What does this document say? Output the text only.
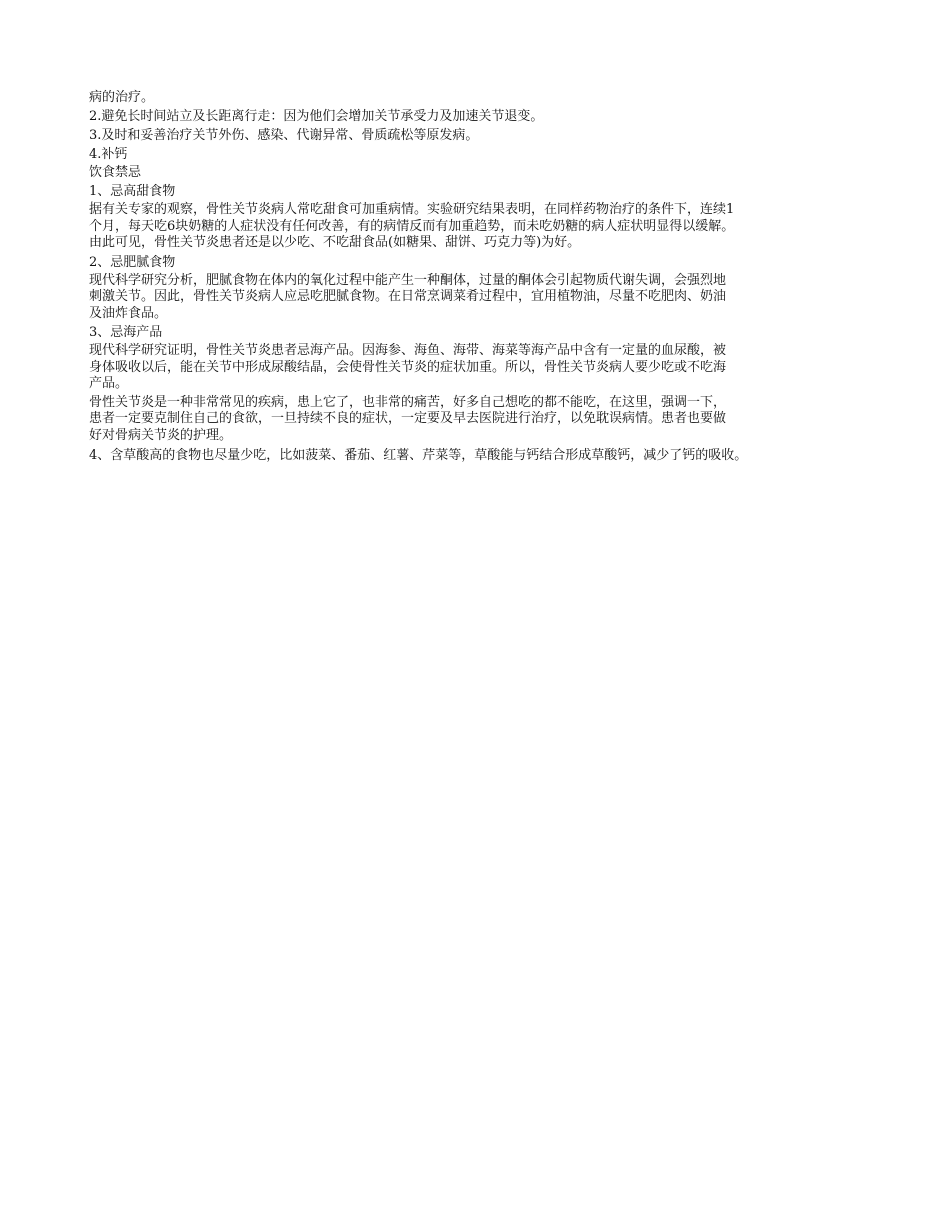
病的治疗。
2.避免长时间站立及长距离行走：因为他们会增加关节承受力及加速关节退变。
3.及时和妥善治疗关节外伤、感染、代谢异常、骨质疏松等原发病。
4.补钙
饮食禁忌
1、忌高甜食物
据有关专家的观察，骨性关节炎病人常吃甜食可加重病情。实验研究结果表明，在同样药物治疗的条件下，连续1
个月，每天吃6块奶糖的人症状没有任何改善，有的病情反而有加重趋势，而未吃奶糖的病人症状明显得以缓解。
由此可见，骨性关节炎患者还是以少吃、不吃甜食品(如糖果、甜饼、巧克力等)为好。
2、忌肥腻食物
现代科学研究分析，肥腻食物在体内的氧化过程中能产生一种酮体，过量的酮体会引起物质代谢失调，会强烈地
刺激关节。因此，骨性关节炎病人应忌吃肥腻食物。在日常烹调菜肴过程中，宜用植物油，尽量不吃肥肉、奶油
及油炸食品。
3、忌海产品
现代科学研究证明，骨性关节炎患者忌海产品。因海参、海鱼、海带、海菜等海产品中含有一定量的血尿酸，被
身体吸收以后，能在关节中形成尿酸结晶，会使骨性关节炎的症状加重。所以，骨性关节炎病人要少吃或不吃海
产品。
骨性关节炎是一种非常常见的疾病，患上它了，也非常的痛苦，好多自己想吃的都不能吃，在这里，强调一下，
患者一定要克制住自己的食欲，一旦持续不良的症状，一定要及早去医院进行治疗，以免耽误病情。患者也要做
好对骨病关节炎的护理。
4、含草酸高的食物也尽量少吃，比如菠菜、番茄、红薯、芹菜等，草酸能与钙结合形成草酸钙，减少了钙的吸收。
